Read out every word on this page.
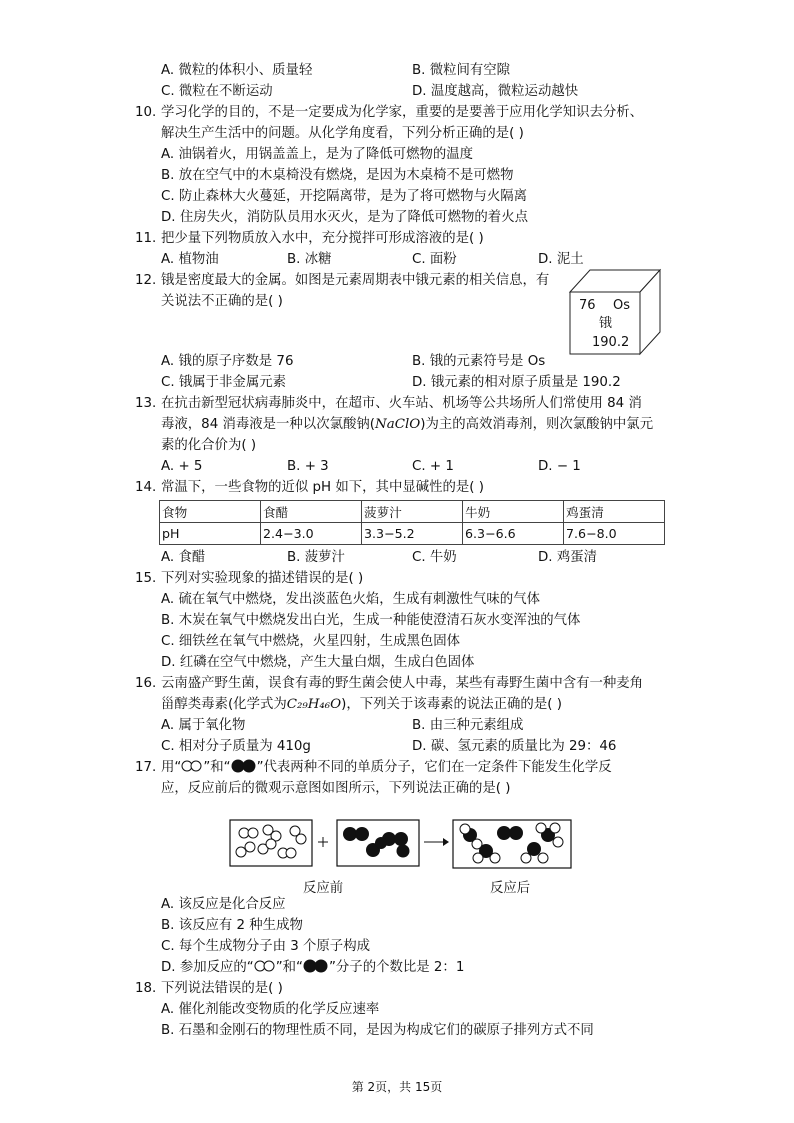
A. 微粒的体积小、质量轻	B. 微粒间有空隙
C. 微粒在不断运动	D. 温度越高，微粒运动越快
10. 学习化学的目的，不是一定要成为化学家，重要的是要善于应用化学知识去分析、
解决生产生活中的问题。从化学角度看，下列分析正确的是( )
A. 油锅着火，用锅盖盖上，是为了降低可燃物的温度
B. 放在空气中的木桌椅没有燃烧，是因为木桌椅不是可燃物
C. 防止森林大火蔓延，开挖隔离带，是为了将可燃物与火隔离
D. 住房失火，消防队员用水灭火，是为了降低可燃物的着火点
11. 把少量下列物质放入水中，充分搅拌可形成溶液的是( )
A. 植物油	B. 冰糖	C. 面粉	D. 泥土
12. 锇是密度最大的金属。如图是元素周期表中锇元素的相关信息，有
关说法不正确的是( )	76 Os
锇
190.2
A. 锇的原子序数是 76	B. 锇的元素符号是 Os
C. 锇属于非金属元素	D. 锇元素的相对原子质量是 190.2
13. 在抗击新型冠状病毒肺炎中，在超市、火车站、机场等公共场所人们常使用 84 消
毒液，84 消毒液是一种以次氯酸钠(NaClO)为主的高效消毒剂，则次氯酸钠中氯元
素的化合价为( )
A. + 5	B. + 3	C. + 1	D. − 1
14. 常温下，一些食物的近似 pH 如下，其中显碱性的是( )
食物	食醋	菠萝汁	牛奶	鸡蛋清
pH	2.4−3.0	3.3−5.2	6.3−6.6	7.6−8.0
A. 食醋	B. 菠萝汁	C. 牛奶	D. 鸡蛋清
15. 下列对实验现象的描述错误的是( )
A. 硫在氧气中燃烧，发出淡蓝色火焰，生成有刺激性气味的气体
B. 木炭在氧气中燃烧发出白光，生成一种能使澄清石灰水变浑浊的气体
C. 细铁丝在氧气中燃烧，火星四射，生成黑色固体
D. 红磷在空气中燃烧，产生大量白烟，生成白色固体
16. 云南盛产野生菌，误食有毒的野生菌会使人中毒，某些有毒野生菌中含有一种麦角
甾醇类毒素(化学式为C₂₉H₄₆O)，下列关于该毒素的说法正确的是( )
A. 属于氧化物	B. 由三种元素组成
C. 相对分子质量为 410g	D. 碳、氢元素的质量比为 29：46
17. 用“ ”和“ ”代表两种不同的单质分子，它们在一定条件下能发生化学反
应，反应前后的微观示意图如图所示，下列说法正确的是( )
反应前	反应后
A. 该反应是化合反应
B. 该反应有 2 种生成物
C. 每个生成物分子由 3 个原子构成
D. 参加反应的“ ”和“ ”分子的个数比是 2：1
18. 下列说法错误的是( )
A. 催化剂能改变物质的化学反应速率
B. 石墨和金刚石的物理性质不同，是因为构成它们的碳原子排列方式不同
第 2页，共 15页
